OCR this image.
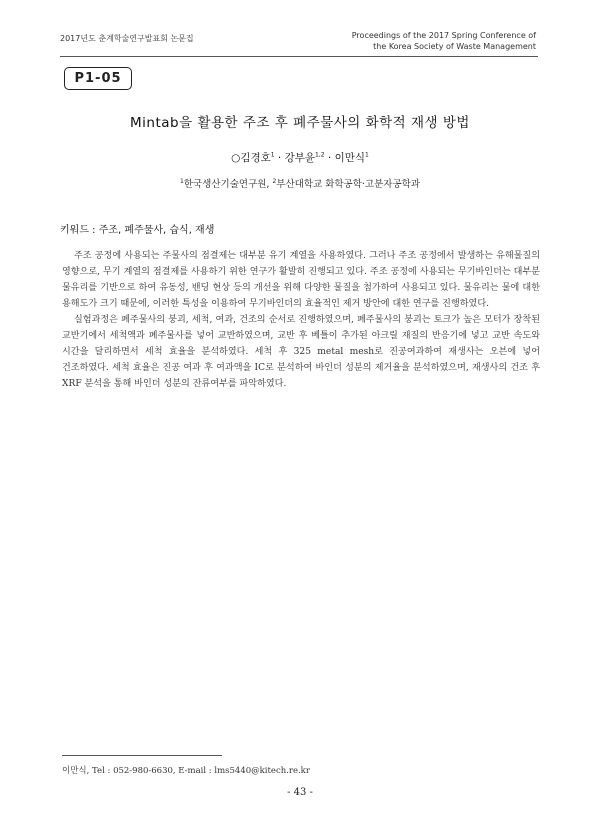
2017년도 춘계학술연구발표회 논문집	Proceedings of the 2017 Spring Conference of
the Korea Society of Waste Management
P1-05
Mintab을 활용한 주조 후 폐주물사의 화학적 재생 방법
○김경호$^1$ · 강부윤$^{1,2}$ · 이만식$^1$
$^1$한국생산기술연구원, $^2$부산대학교 화학공학·고분자공학과
키워드 : 주조, 폐주물사, 습식, 재생

주조 공정에 사용되는 주물사의 점결제는 대부분 유기 계열을 사용하였다. 그러나 주조 공정에서 발생하는 유해물질의 영향으로, 무기 계열의 점결제를 사용하기 위한 연구가 활발히 진행되고 있다. 주조 공정에 사용되는 무기바인더는 대부분 물유리를 기반으로 하여 유동성, 밴딩 현상 등의 개선을 위해 다양한 물질을 첨가하여 사용되고 있다. 물유리는 물에 대한 용해도가 크기 때문에, 이러한 특성을 이용하여 무기바인더의 효율적인 제거 방안에 대한 연구를 진행하였다.

실험과정은 폐주물사의 붕괴, 세척, 여과, 건조의 순서로 진행하였으며, 폐주물사의 붕괴는 토크가 높은 모터가 장착된 교반기에서 세척액과 폐주물사를 넣어 교반하였으며, 교반 후 베틀이 추가된 아크릴 재질의 반응기에 넣고 교반 속도와 시간을 달리하면서 세척 효율을 분석하였다. 세척 후 325 metal mesh로 진공여과하여 재생사는 오븐에 넣어 건조하였다. 세척 효율은 진공 여과 후 여과액을 IC로 분석하여 바인더 성분의 제거율을 분석하였으며, 재생사의 건조 후 XRF 분석을 통해 바인더 성분의 잔류여부를 파악하였다.

이만식, Tel : 052-980-6630, E-mail : lms5440@kitech.re.kr
- 43 -
